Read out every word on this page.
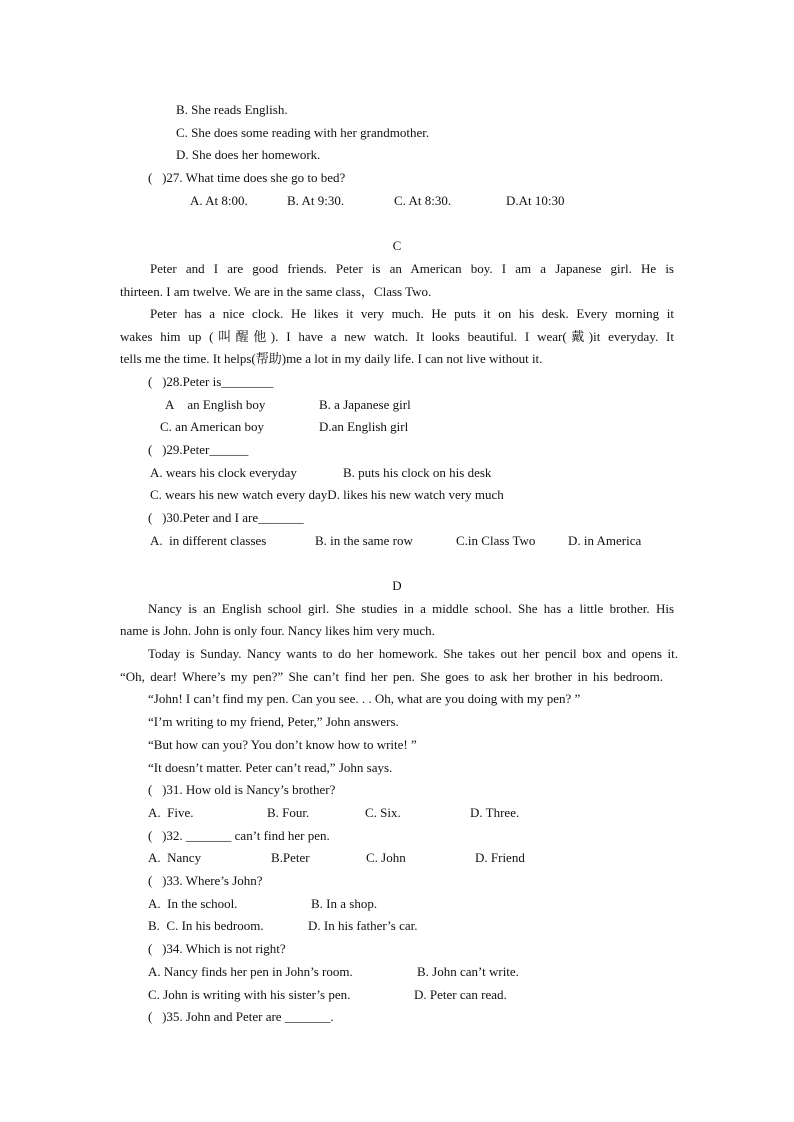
B. She reads English.
C. She does some reading with her grandmother.
D. She does her homework.
(   )27. What time does she go to bed?
A. At 8:00.	B. At 9:30.	C. At 8:30.	D.At 10:30
C
Peter and I are good friends. Peter is an American boy. I am a Japanese girl. He is
thirteen. I am twelve. We are in the same class，Class Two.
Peter has a nice clock. He likes it very much. He puts it on his desk. Every morning it
wakes him up (叫醒他). I have a new watch. It looks beautiful. I wear(戴)it everyday. It
tells me the time. It helps(帮助)me a lot in my daily life. I can not live without it.
(   )28.Peter is________
A    an English boy	B. a Japanese girl
C. an American boy	D.an English girl
(   )29.Peter______
A. wears his clock everyday	B. puts his clock on his desk
C. wears his new watch every dayD. likes his new watch very much
(   )30.Peter and I are_______
A.  in different classes	B. in the same row	C.in Class Two	D. in America
D
Nancy is an English school girl. She studies in a middle school. She has a little brother. His
name is John. John is only four. Nancy likes him very much.
Today is Sunday. Nancy wants to do her homework. She takes out her pencil box and opens it.
“Oh, dear! Where’s my pen?” She can’t find her pen. She goes to ask her brother in his bedroom.
“John! I can’t find my pen. Can you see. . . Oh, what are you doing with my pen? ”
“I’m writing to my friend, Peter,” John answers.
“But how can you? You don’t know how to write! ”
“It doesn’t matter. Peter can’t read,” John says.
(   )31. How old is Nancy’s brother?
A.  Five.	B. Four.	C. Six.	D. Three.
(   )32. _______ can’t find her pen.
A.  Nancy	B.Peter	C. John	D. Friend
(   )33. Where’s John?
A.  In the school.	B. In a shop.
B.  C. In his bedroom.	D. In his father’s car.
(   )34. Which is not right?
A. Nancy finds her pen in John’s room.	B. John can’t write.
C. John is writing with his sister’s pen.	D. Peter can read.
(   )35. John and Peter are _______.
